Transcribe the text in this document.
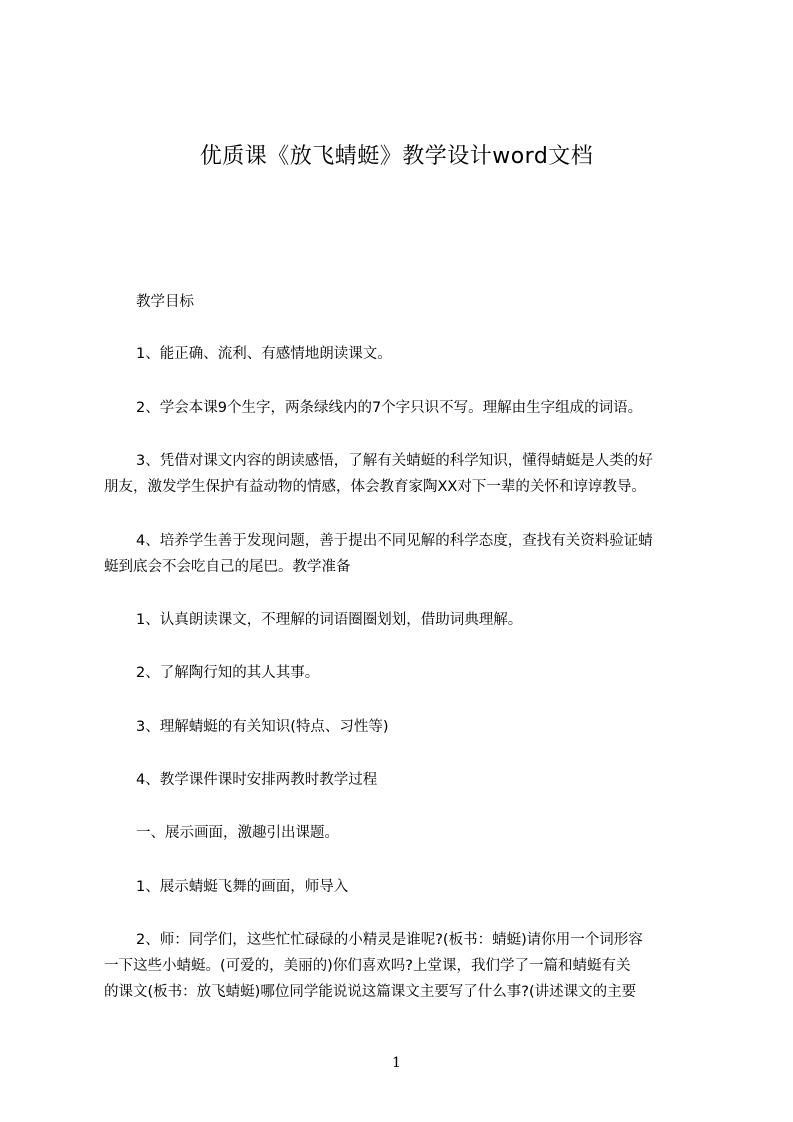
优质课《放飞蜻蜓》教学设计word文档
教学目标
1、能正确、流利、有感情地朗读课文。
2、学会本课9个生字，两条绿线内的7个字只识不写。理解由生字组成的词语。
3、凭借对课文内容的朗读感悟，了解有关蜻蜓的科学知识，懂得蜻蜓是人类的好
朋友，激发学生保护有益动物的情感，体会教育家陶XX对下一辈的关怀和谆谆教导。
4、培养学生善于发现问题，善于提出不同见解的科学态度，查找有关资料验证蜻
蜓到底会不会吃自己的尾巴。教学准备
1、认真朗读课文，不理解的词语圈圈划划，借助词典理解。
2、了解陶行知的其人其事。
3、理解蜻蜓的有关知识(特点、习性等)
4、教学课件课时安排两教时教学过程
一、展示画面，激趣引出课题。
1、展示蜻蜓飞舞的画面，师导入
2、师：同学们，这些忙忙碌碌的小精灵是谁呢?(板书：蜻蜓)请你用一个词形容
一下这些小蜻蜓。(可爱的，美丽的)你们喜欢吗?上堂课，我们学了一篇和蜻蜓有关
的课文(板书：放飞蜻蜓)哪位同学能说说这篇课文主要写了什么事?(讲述课文的主要
1
